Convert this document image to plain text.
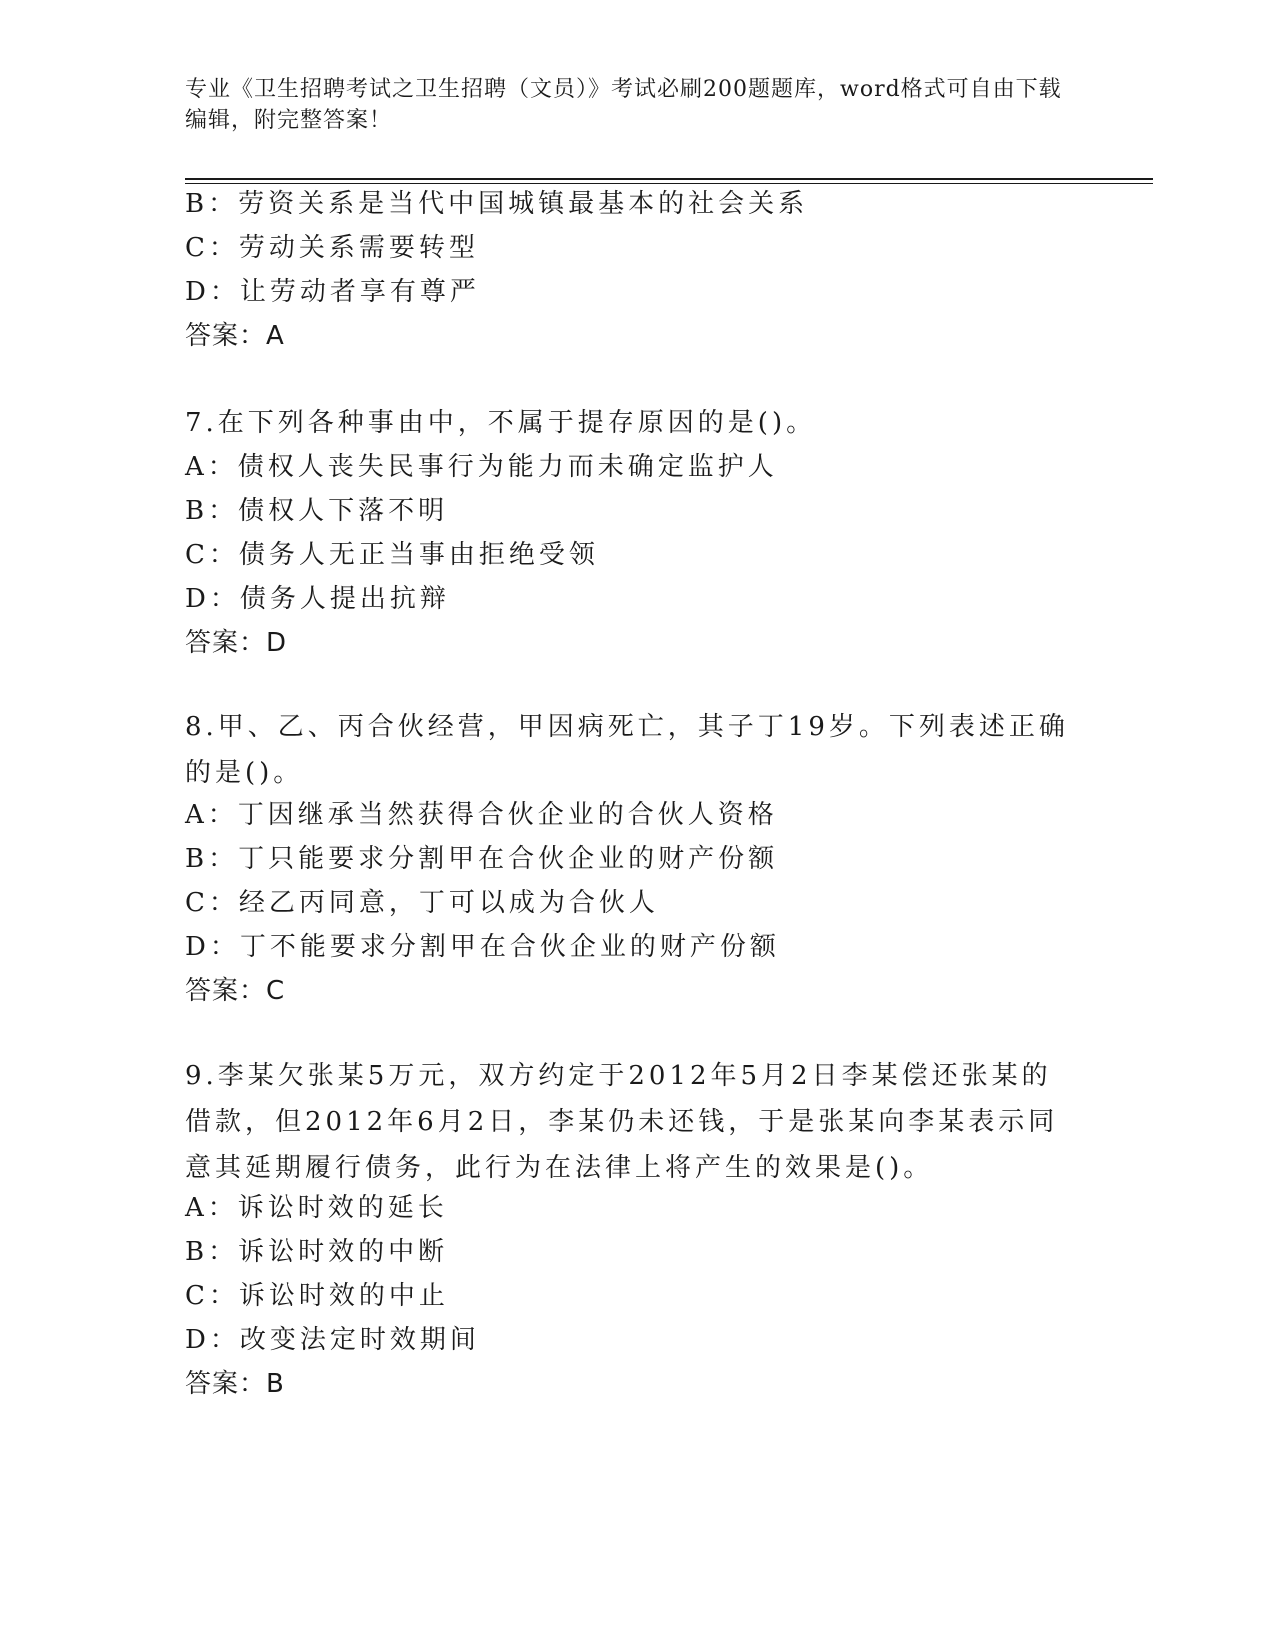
专业《卫生招聘考试之卫生招聘（文员）》考试必刷200题题库，word格式可自由下载编辑，附完整答案！
B：劳资关系是当代中国城镇最基本的社会关系
C：劳动关系需要转型
D：让劳动者享有尊严
答案：A
7.在下列各种事由中，不属于提存原因的是()。
A：债权人丧失民事行为能力而未确定监护人
B：债权人下落不明
C：债务人无正当事由拒绝受领
D：债务人提出抗辩
答案：D
8.甲、乙、丙合伙经营，甲因病死亡，其子丁19岁。下列表述正确的是()。
A：丁因继承当然获得合伙企业的合伙人资格
B：丁只能要求分割甲在合伙企业的财产份额
C：经乙丙同意，丁可以成为合伙人
D：丁不能要求分割甲在合伙企业的财产份额
答案：C
9.李某欠张某5万元，双方约定于2012年5月2日李某偿还张某的借款，但2012年6月2日，李某仍未还钱，于是张某向李某表示同意其延期履行债务，此行为在法律上将产生的效果是()。
A：诉讼时效的延长
B：诉讼时效的中断
C：诉讼时效的中止
D：改变法定时效期间
答案：B
